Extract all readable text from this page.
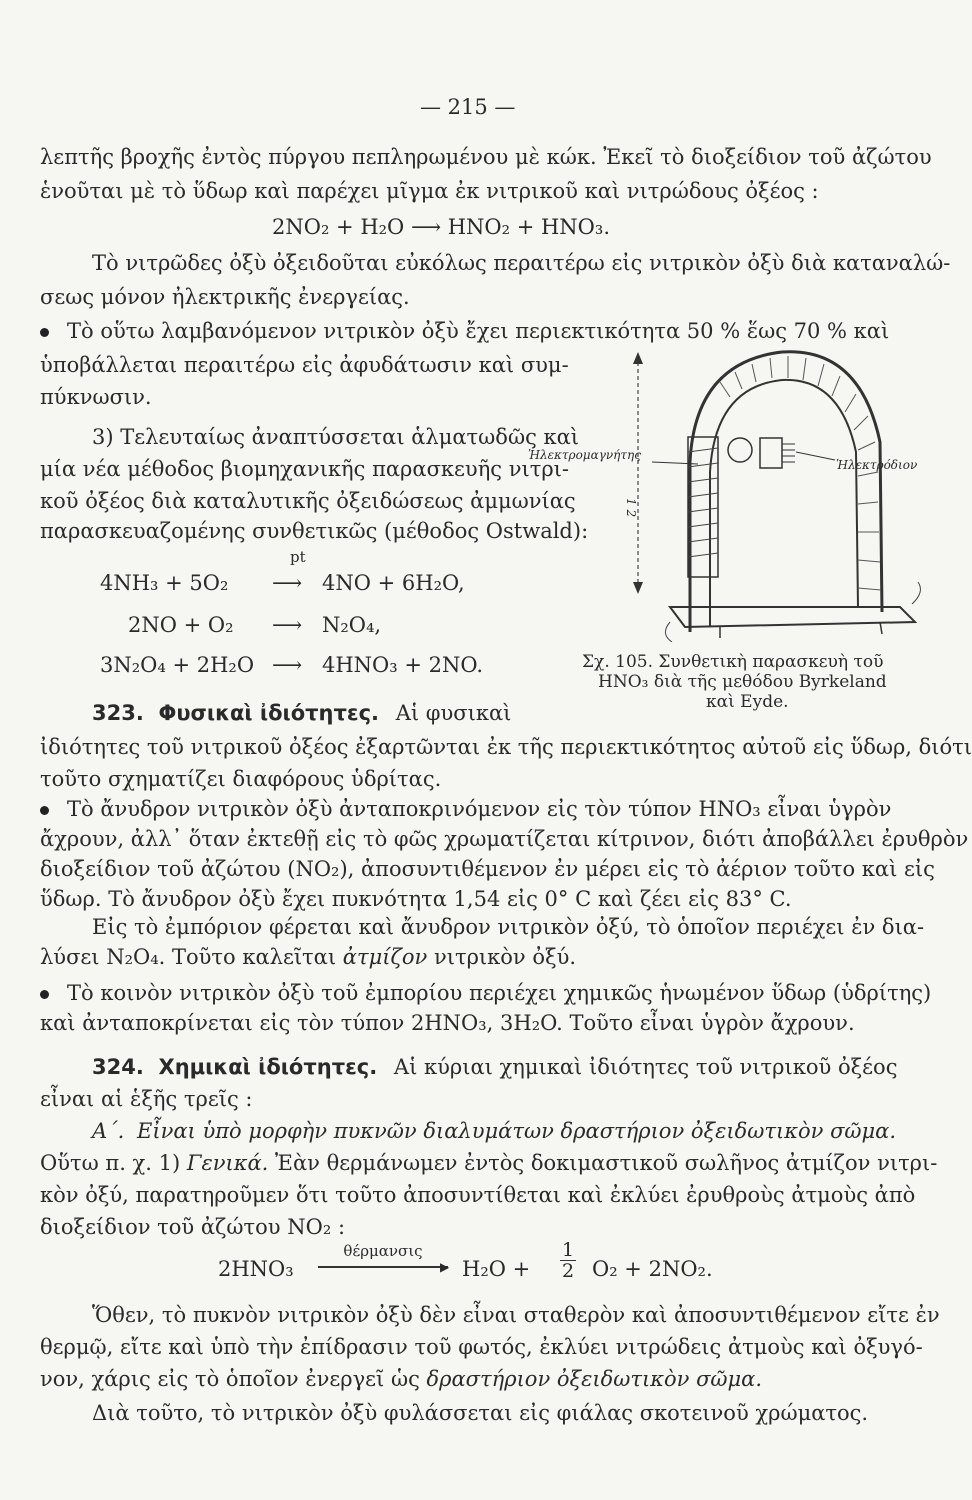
— 215 —
λεπτῆς βροχῆς ἐντὸς πύργου πεπληρωμένου μὲ κώκ. Ἐκεῖ τὸ διοξείδιον τοῦ ἀζώτου
ἑνοῦται μὲ τὸ ὕδωρ καὶ παρέχει μῖγμα ἐκ νιτρικοῦ καὶ νιτρώδους ὀξέος :
2NO₂ + H₂O ⟶ HNO₂ + HNO₃.
Τὸ νιτρῶδες ὀξὺ ὀξειδοῦται εὐκόλως περαιτέρω εἰς νιτρικὸν ὀξὺ διὰ καταναλώ-
σεως μόνον ἠλεκτρικῆς ἐνεργείας.
Τὸ οὕτω λαμβανόμενον νιτρικὸν ὀξὺ ἔχει περιεκτικότητα 50 % ἕως 70 % καὶ
ὑποβάλλεται περαιτέρω εἰς ἀφυδάτωσιν καὶ συμ-
πύκνωσιν.
3) Τελευταίως ἀναπτύσσεται ἁλματωδῶς καὶ
μία νέα μέθοδος βιομηχανικῆς παρασκευῆς νιτρι-
κοῦ ὀξέος διὰ καταλυτικῆς ὀξειδώσεως ἀμμωνίας
παρασκευαζομένης συνθετικῶς (μέθοδος Ostwald):
pt
4NH₃ + 5O₂ ⟶ 4NO + 6H₂O,
2NO + O₂ ⟶ N₂O₄,
3N₂O₄ + 2H₂O ⟶ 4HNO₃ + 2NO.
Ἠλεκτρομαγνήτης
Ἠλεκτρόδιον
1 2
Σχ. 105. Συνθετικὴ παρασκευὴ τοῦ
HNO₃ διὰ τῆς μεθόδου Byrkeland
καὶ Eyde.
323. Φυσικαὶ ἰδιότητες. Αἱ φυσικαὶ
ἰδιότητες τοῦ νιτρικοῦ ὀξέος ἐξαρτῶνται ἐκ τῆς περιεκτικότητος αὐτοῦ εἰς ὕδωρ, διότι
τοῦτο σχηματίζει διαφόρους ὑδρίτας.
Τὸ ἄνυδρον νιτρικὸν ὀξὺ ἀνταποκρινόμενον εἰς τὸν τύπον HNO₃ εἶναι ὑγρὸν
ἄχρουν, ἀλλ᾽ ὅταν ἐκτεθῇ εἰς τὸ φῶς χρωματίζεται κίτρινον, διότι ἀποβάλλει ἐρυθρὸν
διοξείδιον τοῦ ἀζώτου (NO₂), ἀποσυντιθέμενον ἐν μέρει εἰς τὸ ἀέριον τοῦτο καὶ εἰς
ὕδωρ. Τὸ ἄνυδρον ὀξὺ ἔχει πυκνότητα 1,54 εἰς 0° C καὶ ζέει εἰς 83° C.
Εἰς τὸ ἐμπόριον φέρεται καὶ ἄνυδρον νιτρικὸν ὀξύ, τὸ ὁποῖον περιέχει ἐν δια-
λύσει N₂O₄. Τοῦτο καλεῖται ἀτμίζον νιτρικὸν ὀξύ.
Τὸ κοινὸν νιτρικὸν ὀξὺ τοῦ ἐμπορίου περιέχει χημικῶς ἡνωμένον ὕδωρ (ὑδρίτης)
καὶ ἀνταποκρίνεται εἰς τὸν τύπον 2HNO₃, 3H₂O. Τοῦτο εἶναι ὑγρὸν ἄχρουν.
324. Χημικαὶ ἰδιότητες. Αἱ κύριαι χημικαὶ ἰδιότητες τοῦ νιτρικοῦ ὀξέος
εἶναι αἱ ἑξῆς τρεῖς :
Α΄. Εἶναι ὑπὸ μορφὴν πυκνῶν διαλυμάτων δραστήριον ὀξειδωτικὸν σῶμα.
Οὕτω π. χ. 1) Γενικά. Ἐὰν θερμάνωμεν ἐντὸς δοκιμαστικοῦ σωλῆνος ἀτμίζον νιτρι-
κὸν ὀξύ, παρατηροῦμεν ὅτι τοῦτο ἀποσυντίθεται καὶ ἐκλύει ἐρυθροὺς ἀτμοὺς ἀπὸ
διοξείδιον τοῦ ἀζώτου NO₂ :
2HNO₃
θέρμανσις
▶ $H_2O + \frac{1}{2} O_2 + 2NO_2$.
Ὅθεν, τὸ πυκνὸν νιτρικὸν ὀξὺ δὲν εἶναι σταθερὸν καὶ ἀποσυντιθέμενον εἴτε ἐν
θερμῷ, εἴτε καὶ ὑπὸ τὴν ἐπίδρασιν τοῦ φωτός, ἐκλύει νιτρώδεις ἀτμοὺς καὶ ὀξυγό-
νον, χάρις εἰς τὸ ὁποῖον ἐνεργεῖ ὡς δραστήριον ὀξειδωτικὸν σῶμα.
Διὰ τοῦτο, τὸ νιτρικὸν ὀξὺ φυλάσσεται εἰς φιάλας σκοτεινοῦ χρώματος.
